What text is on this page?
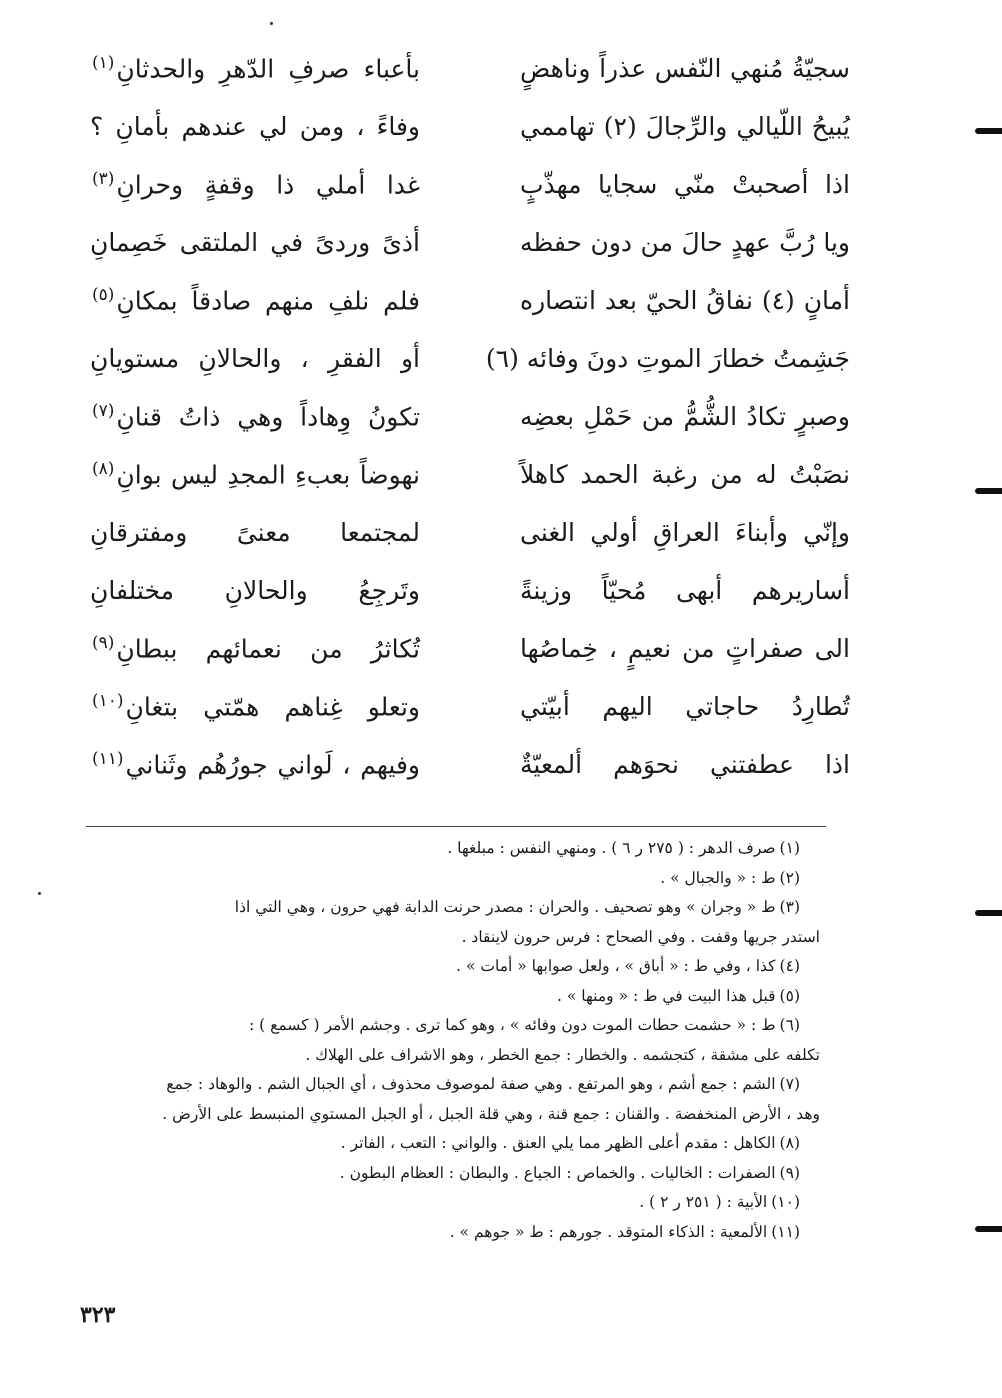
سجيّةُ مُنهي النّفس عذراً وناهضٍ
بأعباء صرفِ الدّهرِ والحدثانِ$^{(١)}$
يُبيحُ اللّيالي والرِّجالَ (٢) تهاممي
وفاءً ، ومن لي عندهم بأمانِ ؟
اذا أصحبتْ منّي سجايا مهذّبٍ
غدا أملي ذا وقفةٍ وحرانِ$^{(٣)}$
ويا رُبَّ عهدٍ حالَ من دون حفظه
أذىً وردىً في الملتقى خَصِمانِ
أمانٍ (٤) نفاقُ الحيّ بعد انتصاره
فلم نلفِ منهم صادقاً بمكانِ$^{(٥)}$
جَشِمتُ خطارَ الموتِ دونَ وفائه (٦)
أو الفقرِ ، والحالانِ مستويانِ
وصبرٍ تكادُ الشُّمُّ من حَمْلِ بعضِه
تكونُ وِهاداً وهي ذاتُ قنانِ$^{(٧)}$
نصَبْتُ له من رغبة الحمد كاهلاً
نهوضاً بعبءِ المجدِ ليس بوانِ$^{(٨)}$
وإنّي وأبناءَ العراقِ أولي الغنى
لمجتمعا معنىً ومفترقانِ
أساريرهم أبهى مُحيّاً وزينةً
وتَرجِعُ والحالانِ مختلفانِ
الى صفراتٍ من نعيمٍ ، خِماصُها
تُكاثرُ من نعمائهم ببطانِ$^{(٩)}$
تُطارِدُ حاجاتي اليهم أبيّتي
وتعلو غِناهم همّتي بتغانِ$^{(١٠)}$
اذا عطفتني نحوَهم ألمعيّةٌ
وفيهم ، لَواني جورُهُم وثَناني$^{(١١)}$
(١)صرف الدهر : ( ٢٧٥ ر ٦ ) . ومنهي النفس : مبلغها .
(٢)ط : « والجبال » .
(٣)ط « وجران » وهو تصحيف . والحران : مصدر حرنت الدابة فهي حرون ، وهي التي اذا
استدر جريها وقفت . وفي الصحاح : فرس حرون لاينقاد .
(٤)كذا ، وفي ط : « أباق » ، ولعل صوابها « أمات » .
(٥)قبل هذا البيت في ط : « ومنها » .
(٦)ط : « حشمت حطات الموت دون وفائه » ، وهو كما ترى . وجشم الأمر ( كسمع ) :
تكلفه على مشقة ، كتجشمه . والخطار : جمع الخطر ، وهو الاشراف على الهلاك .
(٧)الشم : جمع أشم ، وهو المرتفع . وهي صفة لموصوف محذوف ، أي الجبال الشم . والوهاد : جمع
وهد ، الأرض المنخفضة . والقنان : جمع قنة ، وهي قلة الجبل ، أو الجبل المستوي المنبسط على الأرض .
(٨)الكاهل : مقدم أعلى الظهر مما يلي العنق . والواني : التعب ، الفاتر .
(٩)الصفرات : الخاليات . والخماص : الجياع . والبطان : العظام البطون .
(١٠)الأبية : ( ٢٥١ ر ٢ ) .
(١١)الألمعية : الذكاء المتوقد . جورهم : ط « جوهم » .
٣٢٣
